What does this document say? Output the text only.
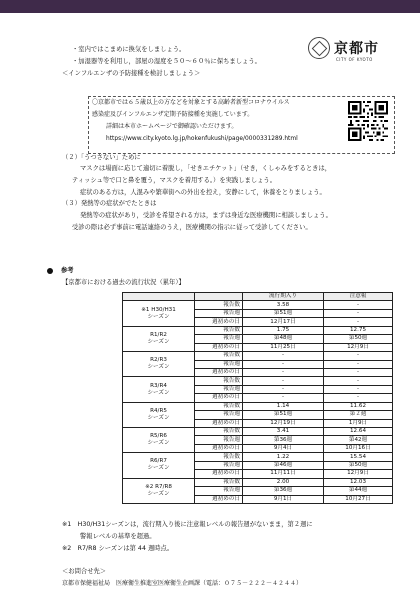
京都市
CITY OF KYOTO
・室内ではこまめに換気をしましょう。
・加湿器等を利用し，部屋の湿度を５０～６０％に保ちましょう。
＜インフルエンザの予防接種を検討しましょう＞
〇京都市では６５歳以上の方などを対象とする高齢者新型コロナウイルス
感染症及びインフルエンザ定期予防接種を実施しています。
詳細は本市ホームページで御確認いただけます。
https://www.city.kyoto.lg.jp/hokenfukushi/page/0000331289.html
（２）「うつさない」ために
マスクは場面に応じて適切に着脱し，「せきエチケット」（せき，くしゃみをするときは，
ティッシュ等で口と鼻を覆う，マスクを着用する。）を実践しましょう。
症状のある方は，人混みや繁華街への外出を控え，安静にして，休養をとりましょう。
（３）発熱等の症状がでたときは
発熱等の症状があり，受診を希望される方は，まずは身近な医療機関に相談しましょう。
受診の際は必ず事前に電話連絡のうえ，医療機関の指示に従って受診してください。
参考
【京都市における過去の流行状況（累年）】
		流行期入り	注意報

※1 H30/H31
シーズン	報告数	3.58	-
	報告週	第51週	-
	週初めの日	12月17日	-

R1/R2
シーズン	報告数	1.75	12.75
	報告週	第48週	第50週
	週初めの日	11月25日	12月9日

R2/R3
シーズン	報告数	-	-
	報告週	-	-
	週初めの日	-	-

R3/R4
シーズン	報告数	-	-
	報告週	-	-
	週初めの日	-	-

R4/R5
シーズン	報告数	1.14	11.62
	報告週	第51週	第２週
	週初めの日	12月19日	1月9日

R5/R6
シーズン	報告数	3.41	12.64
	報告週	第36週	第42週
	週初めの日	9月4日	10月16日

R6/R7
シーズン	報告数	1.22	15.54
	報告週	第46週	第50週
	週初めの日	11月11日	12月9日

※2 R7/R8
シーズン	報告数	2.00	12.03
	報告週	第36週	第44週
	週初めの日	9月1日	10月27日
※1　H30/H31シーズンは，流行期入り後に注意報レベルの報告週がないまま，第２週に
警報レベルの基準を超過。
※2　R7/R8 シーズンは第 44 週時点。
＜お問合せ先＞
京都市保健福祉局　医療衛生推進室医療衛生企画課（電話：０７５－２２２－４２４４）
